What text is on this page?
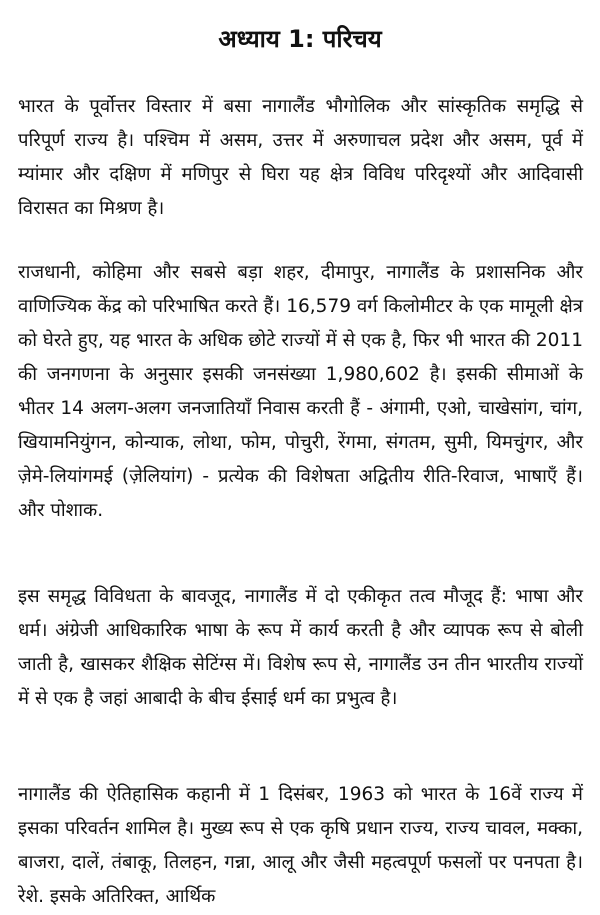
अध्याय 1: परिचय

भारत के पूर्वोत्तर विस्तार में बसा नागालैंड भौगोलिक और सांस्कृतिक समृद्धि से परिपूर्ण राज्य है। पश्चिम में असम, उत्तर में अरुणाचल प्रदेश और असम, पूर्व में म्यांमार और दक्षिण में मणिपुर से घिरा यह क्षेत्र विविध परिदृश्यों और आदिवासी विरासत का मिश्रण है।

राजधानी, कोहिमा और सबसे बड़ा शहर, दीमापुर, नागालैंड के प्रशासनिक और वाणिज्यिक केंद्र को परिभाषित करते हैं। 16,579 वर्ग किलोमीटर के एक मामूली क्षेत्र को घेरते हुए, यह भारत के अधिक छोटे राज्यों में से एक है, फिर भी भारत की 2011 की जनगणना के अनुसार इसकी जनसंख्या 1,980,602 है। इसकी सीमाओं के भीतर 14 अलग-अलग जनजातियाँ निवास करती हैं - अंगामी, एओ, चाखेसांग, चांग, खियामनियुंगन, कोन्याक, लोथा, फोम, पोचुरी, रेंगमा, संगतम, सुमी, यिमचुंगर, और ज़ेमे-लियांगमई (ज़ेलियांग) - प्रत्येक की विशेषता अद्वितीय रीति-रिवाज, भाषाएँ हैं। और पोशाक.

इस समृद्ध विविधता के बावजूद, नागालैंड में दो एकीकृत तत्व मौजूद हैं: भाषा और धर्म। अंग्रेजी आधिकारिक भाषा के रूप में कार्य करती है और व्यापक रूप से बोली जाती है, खासकर शैक्षिक सेटिंग्स में। विशेष रूप से, नागालैंड उन तीन भारतीय राज्यों में से एक है जहां आबादी के बीच ईसाई धर्म का प्रभुत्व है।

नागालैंड की ऐतिहासिक कहानी में 1 दिसंबर, 1963 को भारत के 16वें राज्य में इसका परिवर्तन शामिल है। मुख्य रूप से एक कृषि प्रधान राज्य, राज्य चावल, मक्का, बाजरा, दालें, तंबाकू, तिलहन, गन्ना, आलू और जैसी महत्वपूर्ण फसलों पर पनपता है। रेशे. इसके अतिरिक्त, आर्थिक
